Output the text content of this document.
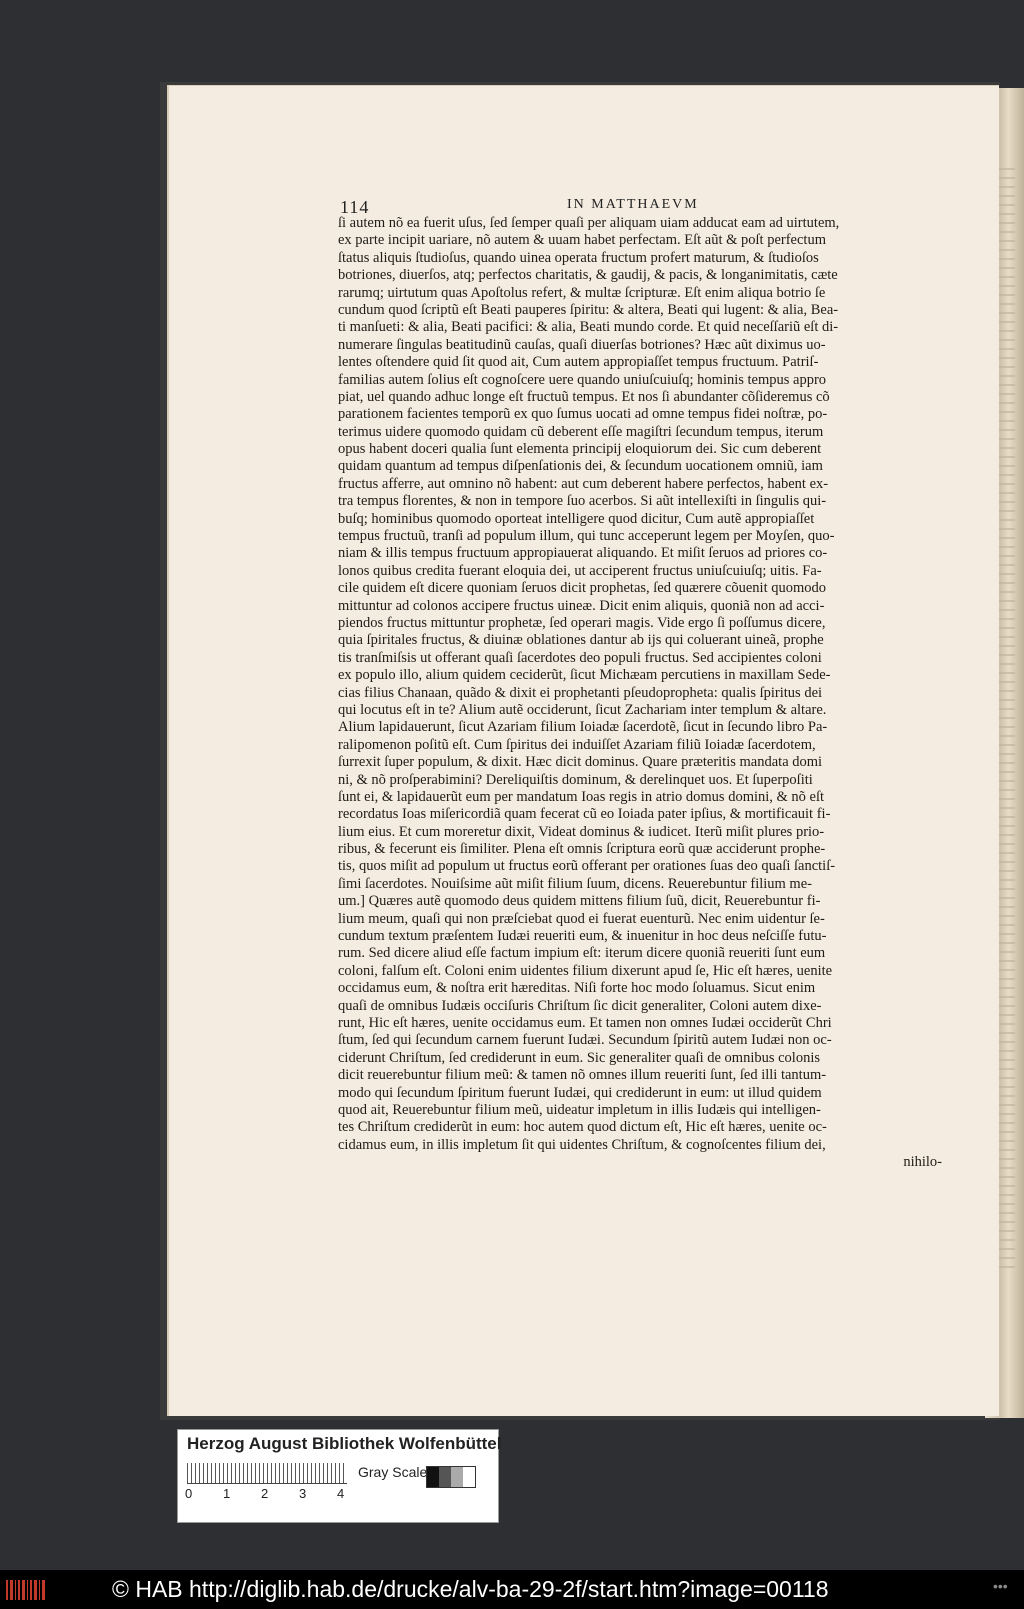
114	IN MATTHAEVM
ſi autem nõ ea fuerit uſus, ſed ſemper quaſi per aliquam uiam adducat eam ad uirtutem,
ex parte incipit uariare, nõ autem & uuam habet perfectam. Eſt aũt & poſt perfectum
ſtatus aliquis ſtudioſus, quando uinea operata fructum profert maturum, & ſtudioſos
botriones, diuerſos, atq; perfectos charitatis, & gaudij, & pacis, & longanimitatis, cæte
rarumq; uirtutum quas Apoſtolus refert, & multæ ſcripturæ. Eſt enim aliqua botrio ſe
cundum quod ſcriptũ eſt Beati pauperes ſpiritu: & altera, Beati qui lugent: & alia, Bea-
ti manſueti: & alia, Beati pacifici: & alia, Beati mundo corde. Et quid neceſſariũ eſt di-
numerare ſingulas beatitudinũ cauſas, quaſi diuerſas botriones? Hæc aũt diximus uo-
lentes oſtendere quid ſit quod ait, Cum autem appropiaſſet tempus fructuum. Patriſ-
familias autem ſolius eſt cognoſcere uere quando uniuſcuiuſq; hominis tempus appro
piat, uel quando adhuc longe eſt fructuũ tempus. Et nos ſi abundanter cõſideremus cõ
parationem facientes temporũ ex quo ſumus uocati ad omne tempus fidei noſtræ, po-
terimus uidere quomodo quidam cũ deberent eſſe magiſtri ſecundum tempus, iterum
opus habent doceri qualia ſunt elementa principij eloquiorum dei. Sic cum deberent
quidam quantum ad tempus diſpenſationis dei, & ſecundum uocationem omniũ, iam
fructus afferre, aut omnino nõ habent: aut cum deberent habere perfectos, habent ex-
tra tempus florentes, & non in tempore ſuo acerbos. Si aũt intellexiſti in ſingulis qui-
buſq; hominibus quomodo oporteat intelligere quod dicitur, Cum autẽ appropiaſſet
tempus fructuũ, tranſi ad populum illum, qui tunc acceperunt legem per Moyſen, quo-
niam & illis tempus fructuum appropiauerat aliquando. Et miſit ſeruos ad priores co-
lonos quibus credita fuerant eloquia dei, ut acciperent fructus uniuſcuiuſq; uitis. Fa-
cile quidem eſt dicere quoniam ſeruos dicit prophetas, ſed quærere cõuenit quomodo
mittuntur ad colonos accipere fructus uineæ. Dicit enim aliquis, quoniã non ad acci-
piendos fructus mittuntur prophetæ, ſed operari magis. Vide ergo ſi poſſumus dicere,
quia ſpiritales fructus, & diuinæ oblationes dantur ab ijs qui coluerant uineã, prophe
tis tranſmiſsis ut offerant quaſi ſacerdotes deo populi fructus. Sed accipientes coloni
ex populo illo, alium quidem ceciderũt, ſicut Michæam percutiens in maxillam Sede-
cias filius Chanaan, quãdo & dixit ei prophetanti pſeudopropheta: qualis ſpiritus dei
qui locutus eſt in te? Alium autẽ occiderunt, ſicut Zachariam inter templum & altare.
Alium lapidauerunt, ſicut Azariam filium Ioiadæ ſacerdotẽ, ſicut in ſecundo libro Pa-
ralipomenon poſitũ eſt. Cum ſpiritus dei induiſſet Azariam filiũ Ioiadæ ſacerdotem,
ſurrexit ſuper populum, & dixit. Hæc dicit dominus. Quare præteritis mandata domi
ni, & nõ proſperabimini? Dereliquiſtis dominum, & derelinquet uos. Et ſuperpoſiti
ſunt ei, & lapidauerũt eum per mandatum Ioas regis in atrio domus domini, & nõ eſt
recordatus Ioas miſericordiã quam fecerat cũ eo Ioiada pater ipſius, & mortificauit fi-
lium eius. Et cum moreretur dixit, Videat dominus & iudicet. Iterũ miſit plures prio-
ribus, & fecerunt eis ſimiliter. Plena eſt omnis ſcriptura eorũ quæ acciderunt prophe-
tis, quos miſit ad populum ut fructus eorũ offerant per orationes ſuas deo quaſi ſanctiſ-
ſimi ſacerdotes. Nouiſsime aũt miſit filium ſuum, dicens. Reuerebuntur filium me-
um.] Quæres autẽ quomodo deus quidem mittens filium ſuũ, dicit, Reuerebuntur fi-
lium meum, quaſi qui non præſciebat quod ei fuerat euenturũ. Nec enim uidentur ſe-
cundum textum præſentem Iudæi reueriti eum, & inuenitur in hoc deus neſciſſe futu-
rum. Sed dicere aliud eſſe factum impium eſt: iterum dicere quoniã reueriti ſunt eum
coloni, falſum eſt. Coloni enim uidentes filium dixerunt apud ſe, Hic eſt hæres, uenite
occidamus eum, & noſtra erit hæreditas. Niſi forte hoc modo ſoluamus. Sicut enim
quaſi de omnibus Iudæis occiſuris Chriſtum ſic dicit generaliter, Coloni autem dixe-
runt, Hic eſt hæres, uenite occidamus eum. Et tamen non omnes Iudæi occiderũt Chri
ſtum, ſed qui ſecundum carnem fuerunt Iudæi. Secundum ſpiritũ autem Iudæi non oc-
ciderunt Chriſtum, ſed crediderunt in eum. Sic generaliter quaſi de omnibus colonis
dicit reuerebuntur filium meũ: & tamen nõ omnes illum reueriti ſunt, ſed illi tantum-
modo qui ſecundum ſpiritum fuerunt Iudæi, qui crediderunt in eum: ut illud quidem
quod ait, Reuerebuntur filium meũ, uideatur impletum in illis Iudæis qui intelligen-
tes Chriſtum crediderũt in eum: hoc autem quod dictum eſt, Hic eſt hæres, uenite oc-
cidamus eum, in illis impletum ſit qui uidentes Chriſtum, & cognoſcentes filium dei,
nihilo-
Herzog August Bibliothek Wolfenbüttel
0 1 2 3 4
Gray Scale
© HAB http://diglib.hab.de/drucke/alv-ba-29-2f/start.htm?image=00118	•••
